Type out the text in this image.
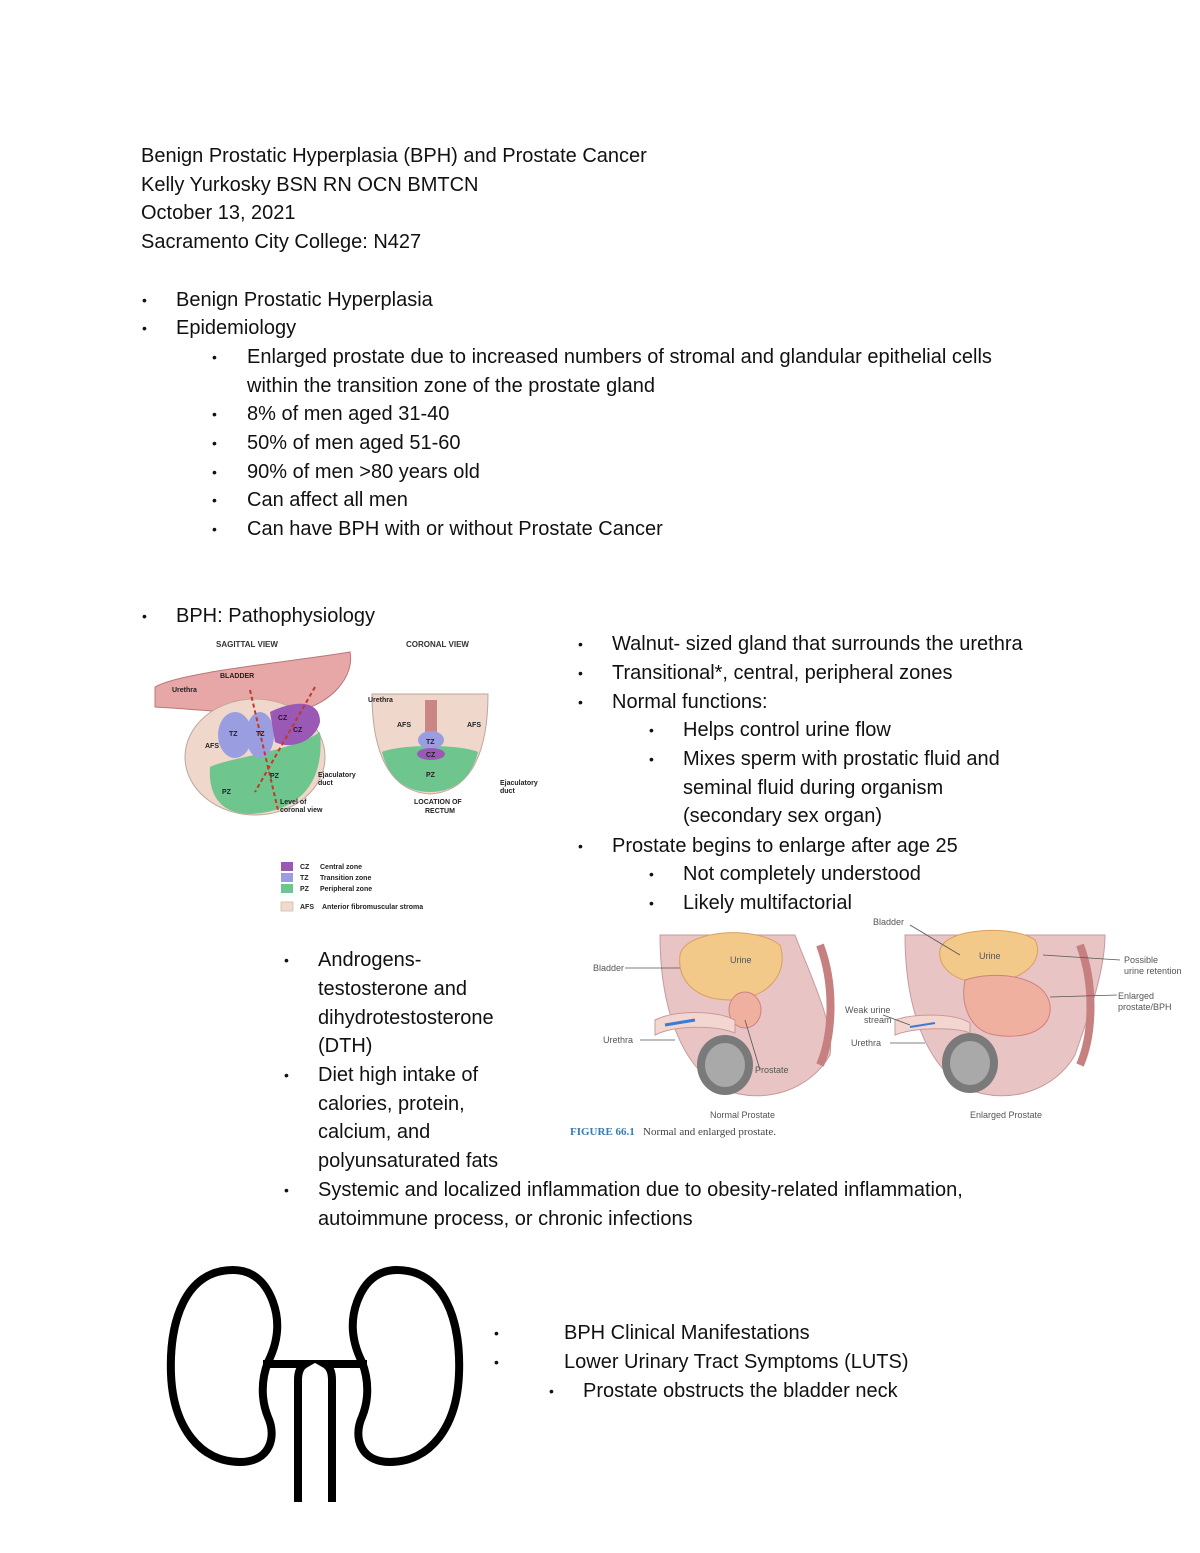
Benign Prostatic Hyperplasia (BPH) and Prostate Cancer
Kelly Yurkosky BSN RN OCN BMTCN
October 13, 2021
Sacramento City College: N427
• Benign Prostatic Hyperplasia
• Epidemiology
• Enlarged prostate due to increased numbers of stromal and glandular epithelial cells
within the transition zone of the prostate gland
• 8% of men aged 31-40
• 50% of men aged 51-60
• 90% of men >80 years old
• Can affect all men
• Can have BPH with or without Prostate Cancer
• BPH: Pathophysiology
• Walnut- sized gland that surrounds the urethra
• Transitional*, central, peripheral zones
• Normal functions:
• Helps control urine flow
• Mixes sperm with prostatic fluid and
seminal fluid during organism
(secondary sex organ)
• Prostate begins to enlarge after age 25
• Not completely understood
• Likely multifactorial
SAGITTAL VIEW	CORONAL VIEW
BLADDER
Urethra
AFS
TZ	TZ
CZ
CZ
PZ
PZ	Ejaculatory
duct
Level of
coronal view
Urethra
AFS	AFS
TZ
CZ
PZ
Ejaculatory
duct
LOCATION OF
RECTUM
CZ Central zone
TZ Transition zone
PZ Peripheral zone
AFS Anterior fibromuscular stroma
• Androgens-
testosterone and
dihydrotestosterone
(DTH)
• Diet high intake of
calories, protein,
calcium, and
polyunsaturated fats
• Systemic and localized inflammation due to obesity-related inflammation,
autoimmune process, or chronic infections
Bladder
Urine
Urethra
Prostate
Normal Prostate
Bladder
Urine
Weak urine
stream
Urethra
Possible
urine retention
Enlarged
prostate/BPH
Enlarged Prostate
FIGURE 66.1 Normal and enlarged prostate.
•	BPH Clinical Manifestations
•	Lower Urinary Tract Symptoms (LUTS)
• Prostate obstructs the bladder neck
